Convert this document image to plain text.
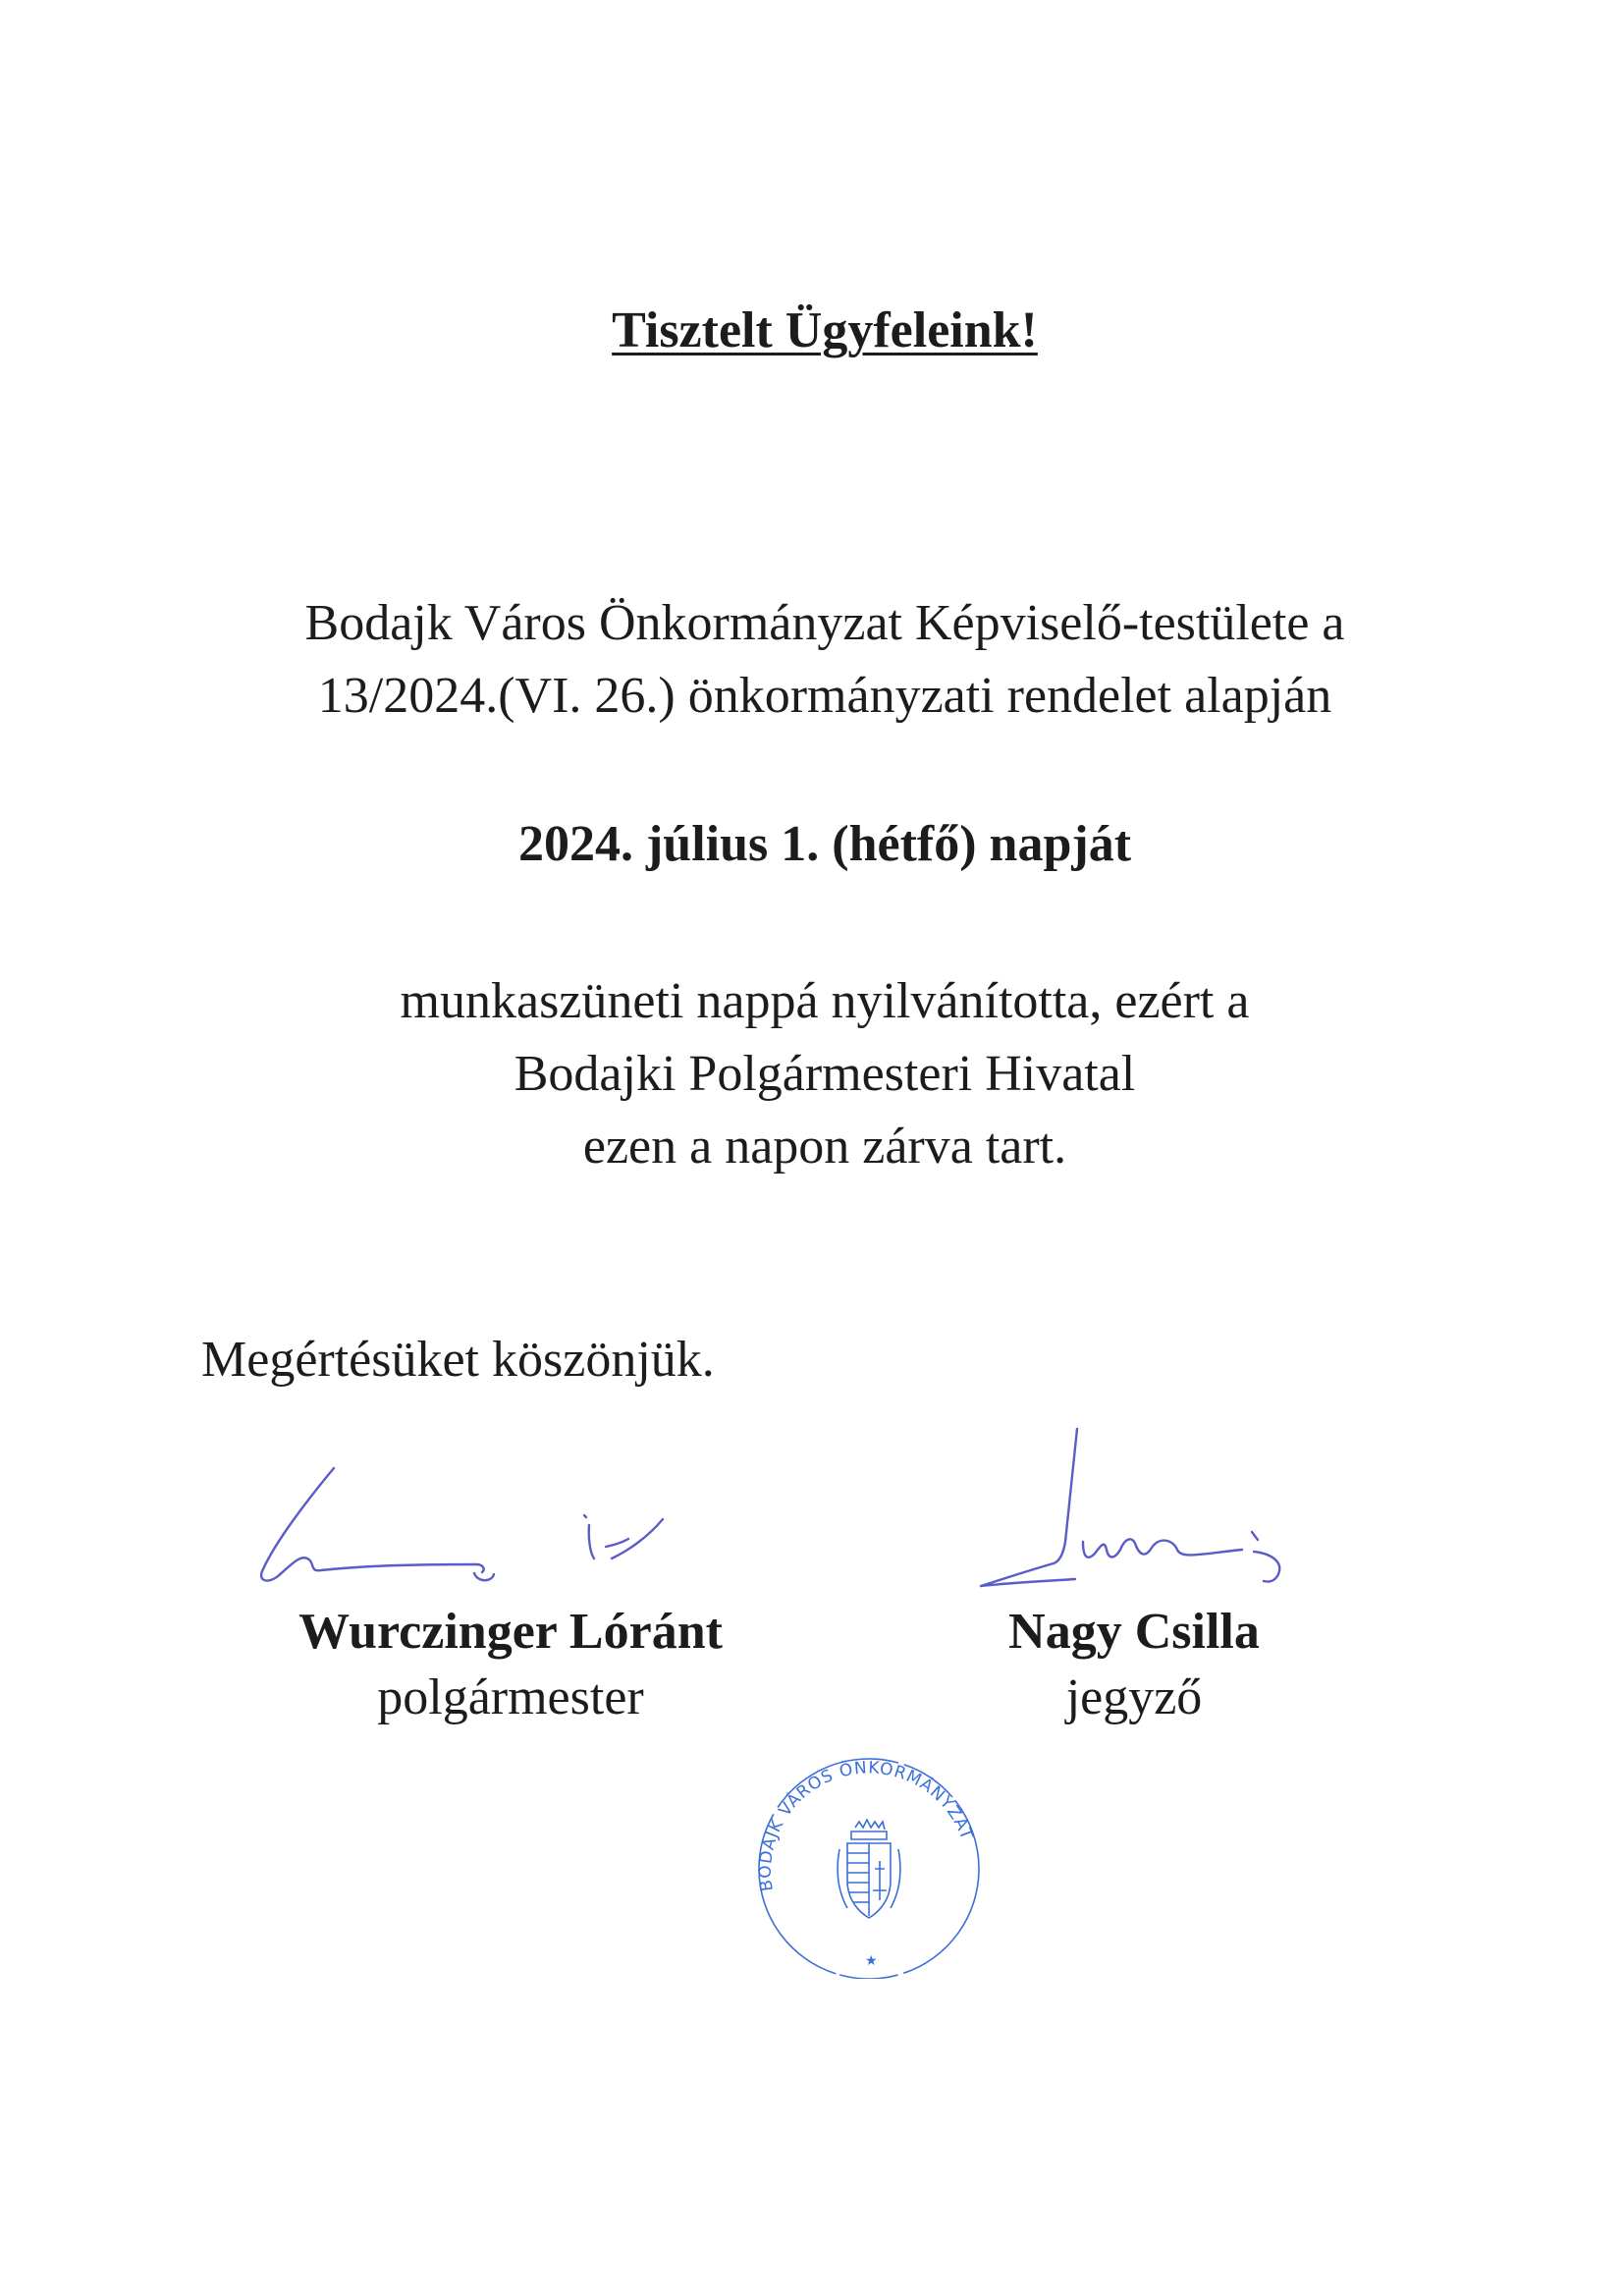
Tisztelt Ügyfeleink!
Bodajk Város Önkormányzat Képviselő-testülete a
13/2024.(VI. 26.) önkormányzati rendelet alapján
2024. július 1. (hétfő) napját
munkaszüneti nappá nyilvánította, ezért a
Bodajki Polgármesteri Hivatal
ezen a napon zárva tart.
Megértésüket köszönjük.
Wurczinger Lóránt
polgármester
Nagy Csilla
jegyző
BODAJK VÁROS ÖNKORMÁNYZAT
★
